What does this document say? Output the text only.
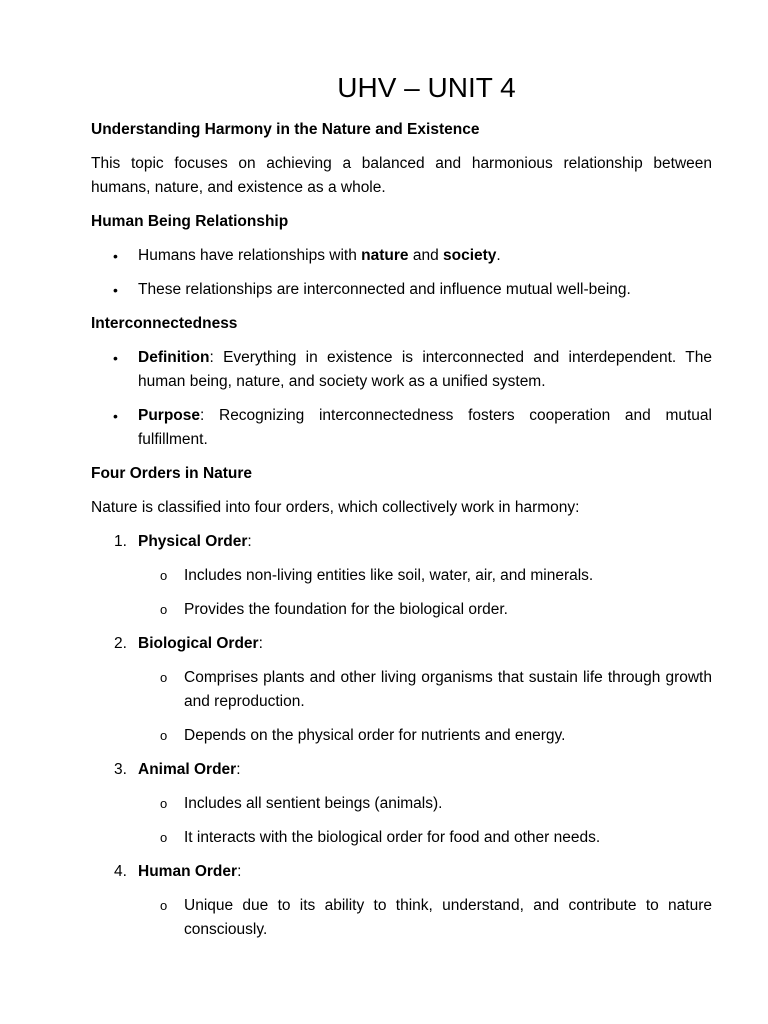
UHV – UNIT 4
Understanding Harmony in the Nature and Existence

This topic focuses on achieving a balanced and harmonious relationship between humans, nature, and existence as a whole.

Human Being Relationship
• Humans have relationships with nature and society.
• These relationships are interconnected and influence mutual well-being.
Interconnectedness
• Definition: Everything in existence is interconnected and interdependent. The human being, nature, and society work as a unified system.
• Purpose: Recognizing interconnectedness fosters cooperation and mutual fulfillment.
Four Orders in Nature

Nature is classified into four orders, which collectively work in harmony:

1. Physical Order:
o Includes non-living entities like soil, water, air, and minerals.
o Provides the foundation for the biological order.
2. Biological Order:
o Comprises plants and other living organisms that sustain life through growth and reproduction.
o Depends on the physical order for nutrients and energy.
3. Animal Order:
o Includes all sentient beings (animals).
o It interacts with the biological order for food and other needs.
4. Human Order:
o Unique due to its ability to think, understand, and contribute to nature consciously.
